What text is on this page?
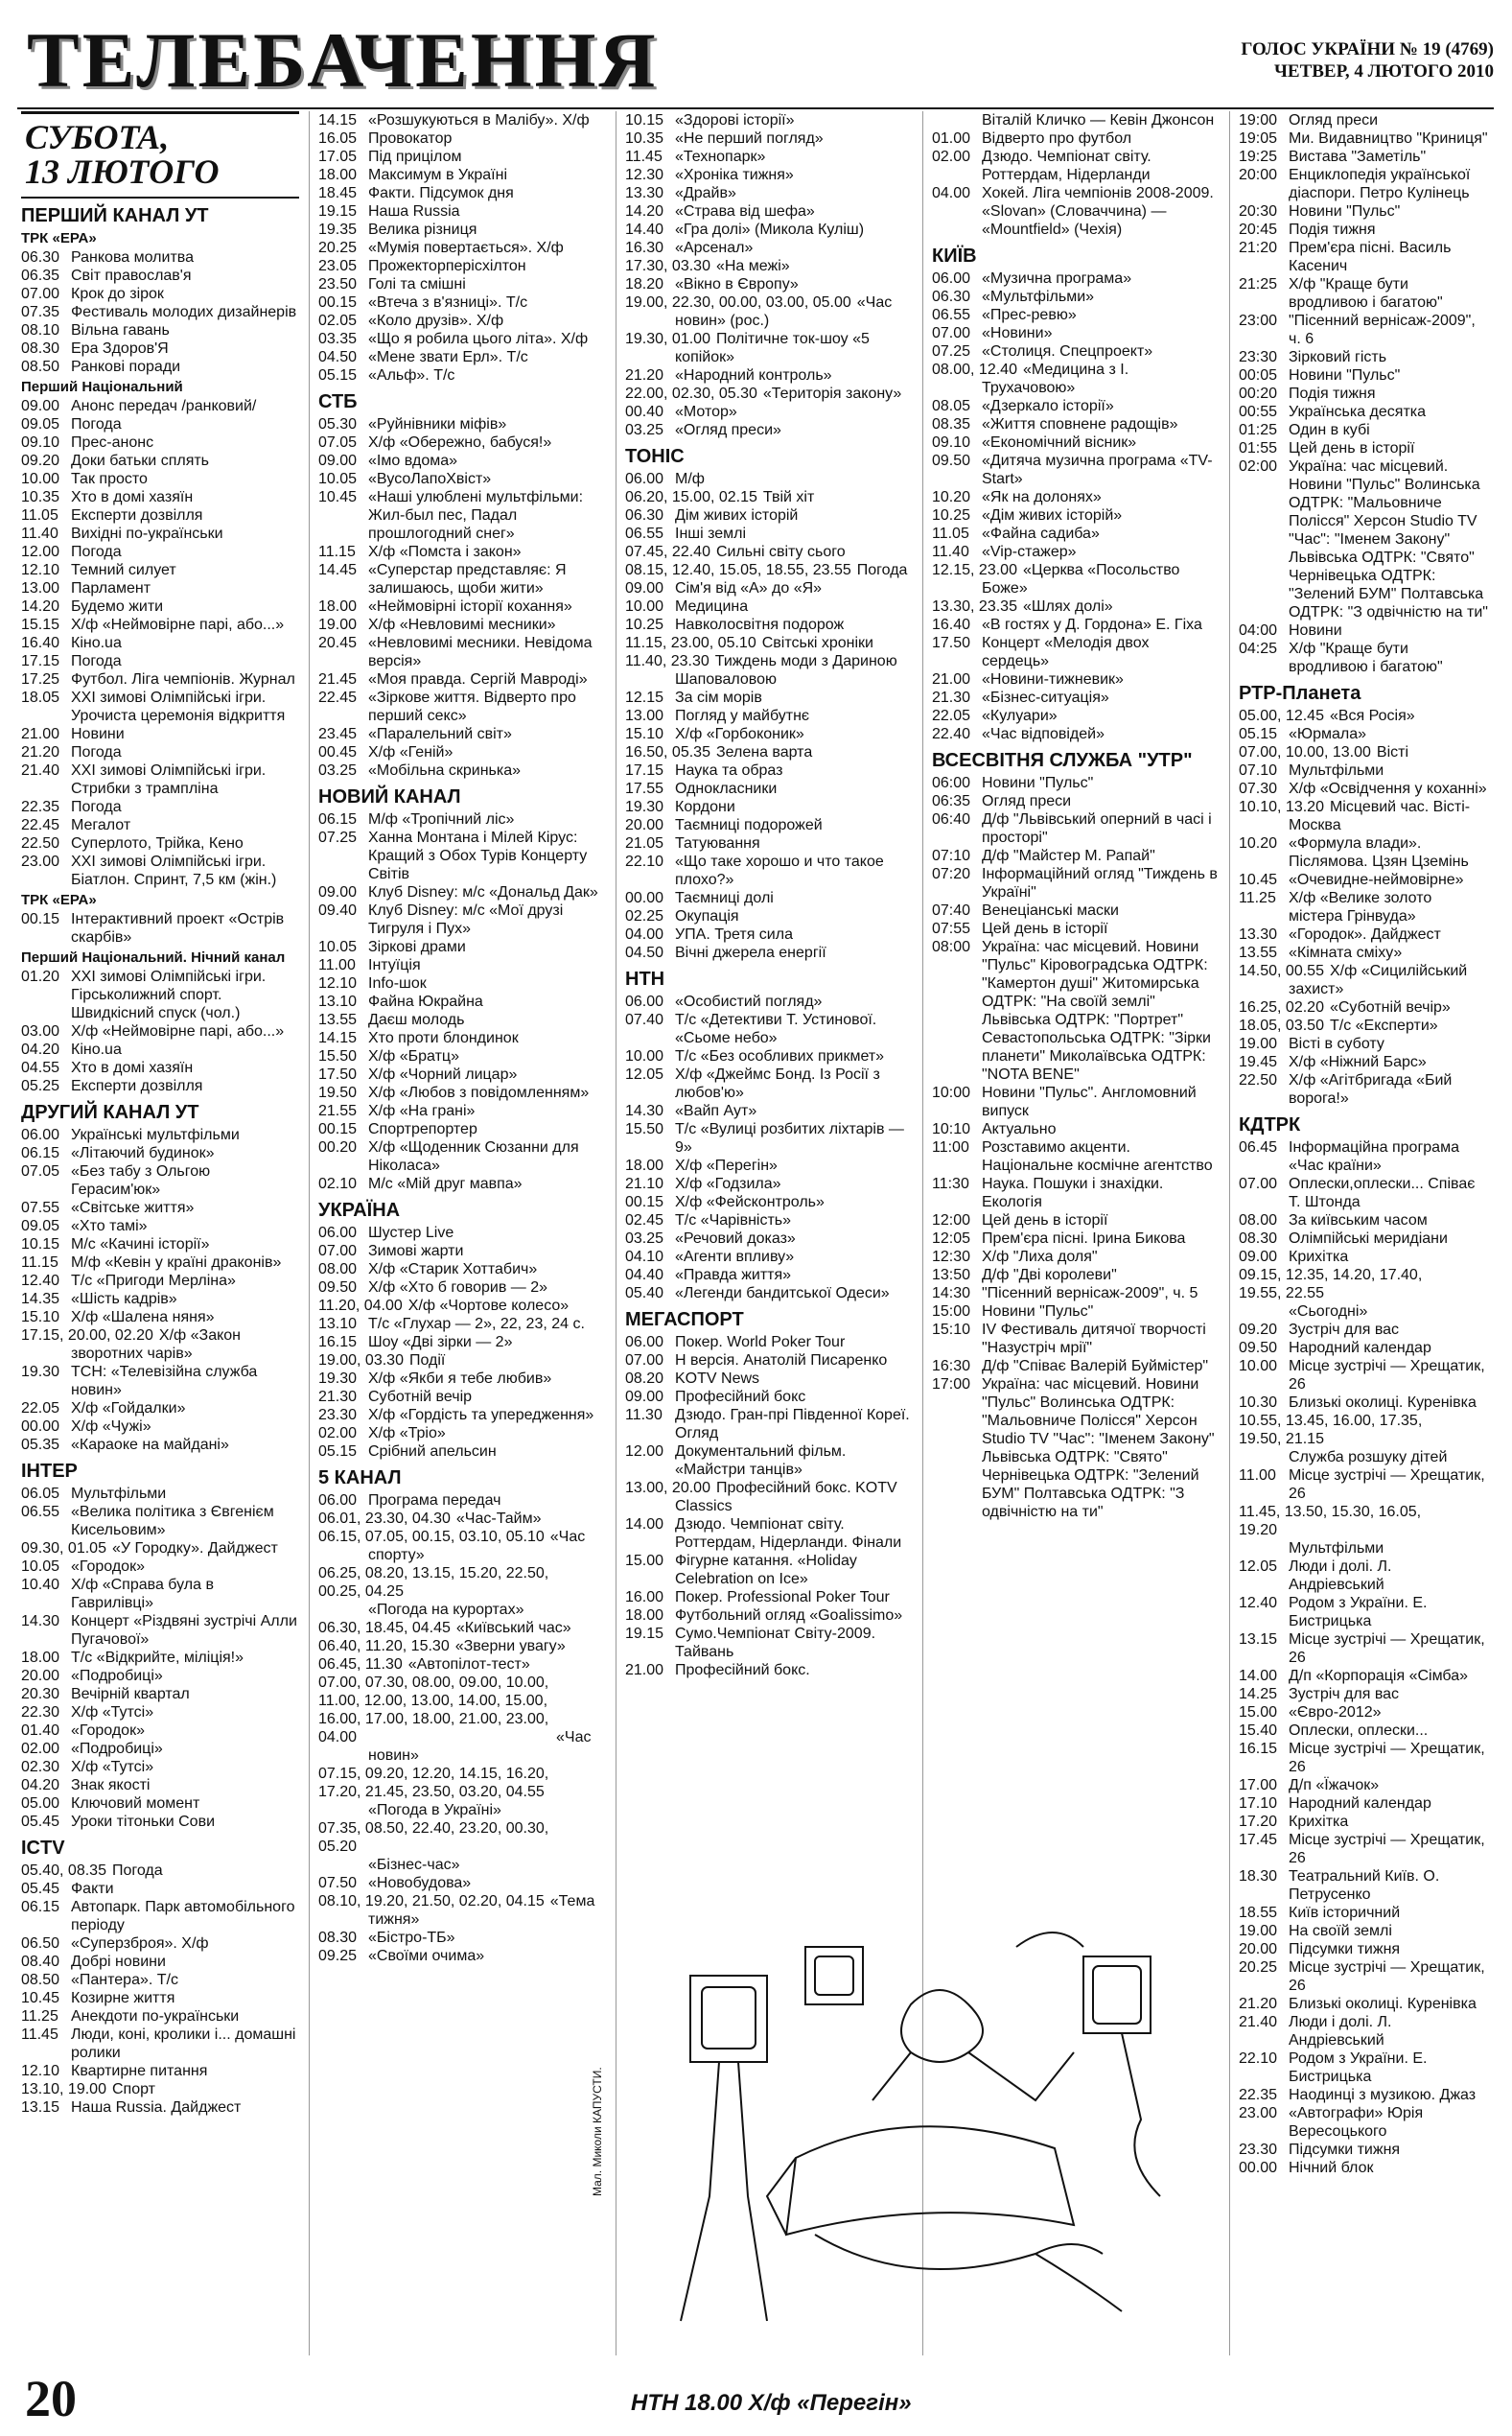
ТЕЛЕБАЧЕННЯ	ГОЛОС УКРАЇНИ № 19 (4769)
ЧЕТВЕР, 4 ЛЮТОГО 2010
СУБОТА,
13 ЛЮТОГО
ПЕРШИЙ КАНАЛ УТ
ТРК «ЕРА»

06.30 Ранкова молитва

06.35 Світ православ'я

07.00 Крок до зірок

07.35 Фестиваль молодих дизайнерів

08.10 Вільна гавань

08.30 Ера Здоров'Я

08.50 Ранкові поради

Перший Національний

09.00 Анонс передач /ранковий/

09.05 Погода

09.10 Прес-анонс

09.20 Доки батьки сплять

10.00 Так просто

10.35 Хто в домі хазяїн

11.05 Експерти дозвілля

11.40 Вихідні по-українськи

12.00 Погода

12.10 Темний силует

13.00 Парламент

14.20 Будемо жити

15.15 Х/ф «Неймовірне парі, або...»

16.40 Кіно.ua

17.15 Погода

17.25 Футбол. Ліга чемпіонів. Журнал

18.05 XXI зимові Олімпійські ігри. Урочиста церемонія відкриття

21.00 Новини

21.20 Погода

21.40 XXI зимові Олімпійські ігри. Стрибки з трампліна

22.35 Погода

22.45 Мегалот

22.50 Суперлото, Трійка, Кено

23.00 XXI зимові Олімпійські ігри. Біатлон. Спринт, 7,5 км (жін.)

ТРК «ЕРА»

00.15 Інтерактивний проект «Острів скарбів»

Перший Національний. Нічний канал

01.20 XXI зимові Олімпійські ігри. Гірськолижний спорт. Швидкісний спуск (чол.)

03.00 Х/ф «Неймовірне парі, або...»

04.20 Кіно.ua

04.55 Хто в домі хазяїн

05.25 Експерти дозвілля

ДРУГИЙ КАНАЛ УТ

06.00 Українські мультфільми

06.15 «Літаючий будинок»

07.05 «Без табу з Ольгою Герасим'юк»

07.55 «Світське життя»

09.05 «Хто тамі»

10.15 М/с «Качині історії»

11.15 М/ф «Кевін у країні драконів»

12.40 Т/с «Пригоди Мерліна»

14.35 «Шість кадрів»

15.10 Х/ф «Шалена няня»

17.15, 20.00, 02.20 Х/ф «Закон зворотних чарів»

19.30 ТСН: «Телевізійна служба новин»

22.05 Х/ф «Гойдалки»

00.00 Х/ф «Чужі»

05.35 «Караоке на майдані»

ІНТЕР

06.05 Мультфільми

06.55 «Велика політика з Євгенієм Кисельовим»

09.30, 01.05 «У Городку». Дайджест

10.05 «Городок»

10.40 Х/ф «Справа була в Гаврилівці»

14.30 Концерт «Різдвяні зустрічі Алли Пугачової»

18.00 Т/с «Відкрийте, міліція!»

20.00 «Подробиці»

20.30 Вечірній квартал

22.30 Х/ф «Тутсі»

01.40 «Городок»

02.00 «Подробиці»

02.30 Х/ф «Тутсі»

04.20 Знак якості

05.00 Ключовий момент

05.45 Уроки тітоньки Сови

ICTV

05.40, 08.35 Погода

05.45 Факти

06.15 Автопарк. Парк автомобільного періоду

06.50 «Суперзброя». Х/ф

08.40 Добрі новини

08.50 «Пантера». Т/с

10.45 Козирне життя

11.25 Анекдоти по-українськи

11.45 Люди, коні, кролики і... домашні ролики

12.10 Квартирне питання

13.10, 19.00 Спорт

13.15 Наша Russia. Дайджест

14.15 «Розшукуються в Малібу». Х/ф

16.05 Провокатор

17.05 Під прицілом

18.00 Максимум в Україні

18.45 Факти. Підсумок дня

19.15 Наша Russia

19.35 Велика різниця

20.25 «Мумія повертається». Х/ф

23.05 Прожекторперісхілтон

23.50 Голі та смішні

00.15 «Втеча з в'язниці». Т/с

02.05 «Коло друзів». Х/ф

03.35 «Що я робила цього літа». Х/ф

04.50 «Мене звати Ерл». Т/с

05.15 «Альф». Т/с

СТБ

05.30 «Руйнівники міфів»

07.05 Х/ф «Обережно, бабуся!»

09.00 «Імо вдома»

10.05 «ВусоЛапоХвіст»

10.45 «Наші улюблені мультфільми: Жил-был пес, Падал прошлогодний снег»

11.15 Х/ф «Помста і закон»

14.45 «Суперстар представляє: Я залишаюсь, щоби жити»

18.00 «Неймовірні історії кохання»

19.00 Х/ф «Невловимі месники»

20.45 «Невловимі месники. Невідома версія»

21.45 «Моя правда. Сергій Мавроді»

22.45 «Зіркове життя. Відверто про перший секс»

23.45 «Паралельний світ»

00.45 Х/ф «Геній»

03.25 «Мобільна скринька»

НОВИЙ КАНАЛ

06.15 М/ф «Тропічний ліс»

07.25 Ханна Монтана і Мілей Кірус: Кращий з Обох Турів Концерту Світів

09.00 Клуб Disney: м/с «Дональд Дак»

09.40 Клуб Disney: м/с «Мої друзі Тигруля і Пух»

10.05 Зіркові драми

11.00 Інтуїція

12.10 Info-шок

13.10 Файна Юкрайна

13.55 Даєш молодь

14.15 Хто проти блондинок

15.50 Х/ф «Братц»

17.50 Х/ф «Чорний лицар»

19.50 Х/ф «Любов з повідомленням»

21.55 Х/ф «На грані»

00.15 Спортрепортер

00.20 Х/ф «Щоденник Сюзанни для Ніколаса»

02.10 М/с «Мій друг мавпа»

УКРАЇНА

06.00 Шустер Live

07.00 Зимові жарти

08.00 Х/ф «Старик Хоттабич»

09.50 Х/ф «Хто б говорив — 2»

11.20, 04.00 Х/ф «Чортове колесо»

13.10 Т/с «Глухар — 2», 22, 23, 24 с.

16.15 Шоу «Дві зірки — 2»

19.00, 03.30 Події

19.30 Х/ф «Якби я тебе любив»

21.30 Суботній вечір

23.30 Х/ф «Гордість та упередження»

02.00 Х/ф «Тріо»

05.15 Срібний апельсин

5 КАНАЛ

06.00 Програма передач

06.01, 23.30, 04.30 «Час-Тайм»

06.15, 07.05, 00.15, 03.10, 05.10 «Час спорту»

06.25, 08.20, 13.15, 15.20, 22.50, 00.25, 04.25«Погода на курортах»

06.30, 18.45, 04.45 «Київський час»

06.40, 11.20, 15.30 «Зверни увагу»

06.45, 11.30 «Автопілот-тест»

07.00, 07.30, 08.00, 09.00, 10.00, 11.00, 12.00, 13.00, 14.00, 15.00, 16.00, 17.00, 18.00, 21.00, 23.00, 04.00	«Час новин»

07.15, 09.20, 12.20, 14.15, 16.20, 17.20, 21.45, 23.50, 03.20, 04.55«Погода в Україні»

07.35, 08.50, 22.40, 23.20, 00.30, 05.20«Бізнес-час»

07.50 «Новобудова»

08.10, 19.20, 21.50, 02.20, 04.15 «Тема тижня»

08.30 «Бістро-ТБ»

09.25 «Своїми очима»

10.15 «Здорові історії»

10.35 «Не перший погляд»

11.45 «Технопарк»

12.30 «Хроніка тижня»

13.30 «Драйв»

14.20 «Страва від шефа»

14.40 «Гра долі» (Микола Куліш)

16.30 «Арсенал»

17.30, 03.30 «На межі»

18.20 «Вікно в Європу»

19.00, 22.30, 00.00, 03.00, 05.00 «Час новин» (рос.)

19.30, 01.00 Політичне ток-шоу «5 копійок»

21.20 «Народний контроль»

22.00, 02.30, 05.30 «Територія закону»

00.40 «Мотор»

03.25 «Огляд преси»

ТОНІС

06.00 М/ф

06.20, 15.00, 02.15 Твій хіт

06.30 Дім живих історій

06.55 Інші землі

07.45, 22.40 Сильні світу сього

08.15, 12.40, 15.05, 18.55, 23.55 Погода

09.00 Сім'я від «А» до «Я»

10.00 Медицина

10.25 Навколосвітня подорож

11.15, 23.00, 05.10 Світські хроніки

11.40, 23.30 Тиждень моди з Дариною Шаповаловою

12.15 За сім морів

13.00 Погляд у майбутнє

15.10 Х/ф «Горбоконик»

16.50, 05.35 Зелена варта

17.15 Наука та образ

17.55 Однокласники

19.30 Кордони

20.00 Таємниці подорожей

21.05 Татуювання

22.10 «Що таке хорошо и что такое плохо?»

00.00 Таємниці долі

02.25 Окупація

04.00 УПА. Третя сила

04.50 Вічні джерела енергії

НТН

06.00 «Особистий погляд»

07.40 Т/с «Детективи Т. Устинової. «Сьоме небо»

10.00 Т/с «Без особливих прикмет»

12.05 Х/ф «Джеймс Бонд. Із Росії з любов'ю»

14.30 «Вайп Аут»

15.50 Т/с «Вулиці розбитих ліхтарів — 9»

18.00 Х/ф «Перегін»

21.10 Х/ф «Годзила»

00.15 Х/ф «Фейсконтроль»

02.45 Т/с «Чарівність»

03.25 «Речовий доказ»

04.10 «Агенти впливу»

04.40 «Правда життя»

05.40 «Легенди бандитської Одеси»

МЕГАСПОРТ

06.00 Покер. World Poker Tour

07.00 Н версія. Анатолій Писаренко

08.20 KOTV News

09.00 Професійний бокс

11.30 Дзюдо. Гран-прі Південної Кореї. Огляд

12.00 Документальний фільм. «Майстри танців»

13.00, 20.00 Професійний бокс. KOTV Classics

14.00 Дзюдо. Чемпіонат світу. Роттердам, Нідерланди. Фінали

15.00 Фігурне катання. «Holiday Celebration on Ice»

16.00 Покер. Professional Poker Tour

18.00 Футбольний огляд «Goalissimo»

19.15 Сумо.Чемпіонат Світу-2009. Тайвань

21.00 Професійний бокс.

Віталій Кличко — Кевін Джонсон

01.00 Відверто про футбол

02.00 Дзюдо. Чемпіонат світу. Роттердам, Нідерланди

04.00 Хокей. Ліга чемпіонів 2008-2009. «Slovan» (Словаччина) — «Mountfield» (Чехія)

КИЇВ

06.00 «Музична програма»

06.30 «Мультфільми»

06.55 «Прес-ревю»

07.00 «Новини»

07.25 «Столиця. Спецпроект»

08.00, 12.40 «Медицина з І. Трухачовою»

08.05 «Дзеркало історії»

08.35 «Життя сповнене радощів»

09.10 «Економічний вісник»

09.50 «Дитяча музична програма «TV-Start»

10.20 «Як на долонях»

10.25 «Дім живих історій»

11.05 «Файна садиба»

11.40 «Vip-стажер»

12.15, 23.00 «Церква «Посольство Боже»

13.30, 23.35 «Шлях долі»

16.40 «В гостях у Д. Гордона» Е. Гіха

17.50 Концерт «Мелодія двох сердець»

21.00 «Новини-тижневик»

21.30 «Бізнес-ситуація»

22.05 «Кулуари»

22.40 «Час відповідей»

ВСЕСВІТНЯ СЛУЖБА "УТР"

06:00 Новини "Пульс"

06:35 Огляд преси

06:40 Д/ф "Львівський оперний в часі і просторі"

07:10 Д/ф "Майстер М. Рапай"

07:20 Інформаційний огляд "Тиждень в Україні"

07:40 Венеціанські маски

07:55 Цей день в історії

08:00 Україна: час місцевий. Новини "Пульс" Кіровоградська ОДТРК: "Камертон душі" Житомирська ОДТРК: "На своїй землі" Львівська ОДТРК: "Портрет" Севастопольська ОДТРК: "Зірки планети" Миколаївська ОДТРК: "NOTA BENE"

10:00 Новини "Пульс". Англомовний випуск

10:10 Актуально

11:00 Розставимо акценти. Національне космічне агентство

11:30 Наука. Пошуки і знахідки. Екологія

12:00 Цей день в історії

12:05 Прем'єра пісні. Ірина Бикова

12:30 Х/ф "Лиха доля"

13:50 Д/ф "Дві королеви"

14:30 "Пісенний вернісаж-2009", ч. 5

15:00 Новини "Пульс"

15:10 IV Фестиваль дитячої творчості "Назустріч мрії"

16:30 Д/ф "Співає Валерій Буймістер"

17:00 Україна: час місцевий. Новини "Пульс" Волинська ОДТРК: "Мальовниче Полісся" Херсон Studio TV "Час": "Іменем Закону" Львівська ОДТРК: "Свято" Чернівецька ОДТРК: "Зелений БУМ" Полтавська ОДТРК: "З одвічністю на ти"

19:00 Огляд преси

19:05 Ми. Видавництво "Криниця"

19:25 Вистава "Заметіль"

20:00 Енциклопедія української діаспори. Петро Кулінець

20:30 Новини "Пульс"

20:45 Подія тижня

21:20 Прем'єра пісні. Василь Касенич

21:25 Х/ф "Краще бути вродливою і багатою"

23:00 "Пісенний вернісаж-2009", ч. 6

23:30 Зірковий гість

00:05 Новини "Пульс"

00:20 Подія тижня

00:55 Українська десятка

01:25 Один в кубі

01:55 Цей день в історії

02:00 Україна: час місцевий. Новини "Пульс" Волинська ОДТРК: "Мальовниче Полісся" Херсон Studio TV "Час": "Іменем Закону" Львівська ОДТРК: "Свято" Чернівецька ОДТРК: "Зелений БУМ" Полтавська ОДТРК: "З одвічністю на ти"

04:00 Новини

04:25 Х/ф "Краще бути вродливою і багатою"

РТР-Планета

05.00, 12.45 «Вся Росія»

05.15 «Юрмала»

07.00, 10.00, 13.00 Вісті

07.10 Мультфільми

07.30 Х/ф «Освідчення у коханні»

10.10, 13.20 Місцевий час. Вісті-Москва

10.20 «Формула влади». Післямова. Цзян Цземінь

10.45 «Очевидне-неймовірне»

11.25 Х/ф «Велике золото містера Грінвуда»

13.30 «Городок». Дайджест

13.55 «Кімната сміху»

14.50, 00.55 Х/ф «Сицилійський захист»

16.25, 02.20 «Суботній вечір»

18.05, 03.50 Т/с «Експерти»

19.00 Вісті в суботу

19.45 Х/ф «Ніжний Барс»

22.50 Х/ф «Агітбригада «Бий ворога!»

КДТРК

06.45 Інформаційна програма «Час країни»

07.00 Оплески,оплески... Співає Т. Штонда

08.00 За київським часом

08.30 Олімпійські меридіани

09.00 Крихітка

09.15, 12.35, 14.20, 17.40, 19.55, 22.55«Сьогодні»

09.20 Зустріч для вас

09.50 Народний календар

10.00 Місце зустрічі — Хрещатик, 26

10.30 Близькі околиці. Куренівка

10.55, 13.45, 16.00, 17.35, 19.50, 21.15Служба розшуку дітей

11.00 Місце зустрічі — Хрещатик, 26

11.45, 13.50, 15.30, 16.05, 19.20Мультфільми

12.05 Люди і долі. Л. Андріевський

12.40 Родом з України. Е. Бистрицька

13.15 Місце зустрічі — Хрещатик, 26

14.00 Д/п «Корпорація «Сімба»

14.25 Зустріч для вас

15.00 «Євро-2012»

15.40 Оплески, оплески...

16.15 Місце зустрічі — Хрещатик, 26

17.00 Д/п «Їжачок»

17.10 Народний календар

17.20 Крихітка

17.45 Місце зустрічі — Хрещатик, 26

18.30 Театральний Київ. О. Петрусенко

18.55 Київ історичний

19.00 На своїй землі

20.00 Підсумки тижня

20.25 Місце зустрічі — Хрещатик, 26

21.20 Близькі околиці. Куренівка

21.40 Люди і долі. Л. Андріевський

22.10 Родом з України. Е. Бистрицька

22.35 Наодинці з музикою. Джаз

23.00 «Автографи» Юрія Вересоцького

23.30 Підсумки тижня

00.00 Нічний блок

Мал. Миколи КАПУСТИ.
20	НТН 18.00 Х/ф «Перегін»
